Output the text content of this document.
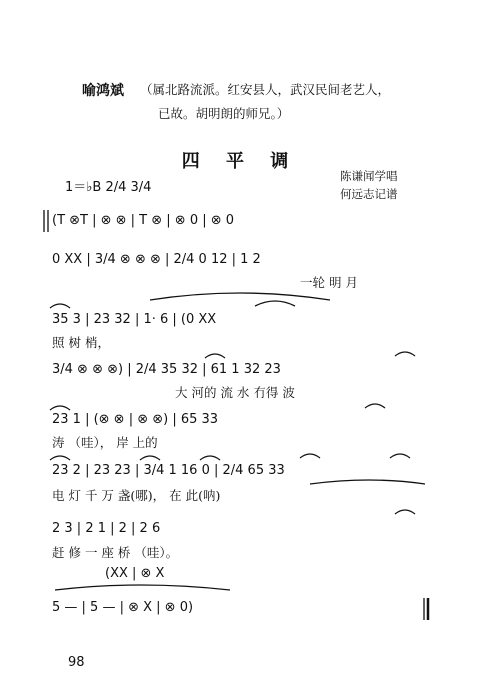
喻鸿斌 （属北路流派。红安县人，武汉民间老艺人，
已故。胡明朗的师兄。）
四 平 调
1＝♭B 2/4 3/4
陈谦闻学唱
何远志记谱
(T ⊗T | ⊗ ⊗ | T ⊗ | ⊗ 0 | ⊗ 0
0 XX | 3/4 ⊗ ⊗ ⊗ | 2/4 0 12 | 1 2
一轮 明 月
35 3 | 23 32 | 1· 6 | (0 XX
照 树 梢，
3/4 ⊗ ⊗ ⊗) | 2/4 35 32 | 61 1 32 23
大 河的 流 水 冇得 波
23 1 | (⊗ ⊗ | ⊗ ⊗) | 65 33
涛 （哇）， 岸 上的
23 2 | 23 23 | 3/4 1 16 0 | 2/4 65 33
电 灯 千 万 盏(哪)， 在 此(呐)
2 3 | 2 1 | 2 | 2 6
赶 修 一 座 桥 （哇）。
(XX | ⊗ X
5 — | 5 — | ⊗ X | ⊗ 0)
98
